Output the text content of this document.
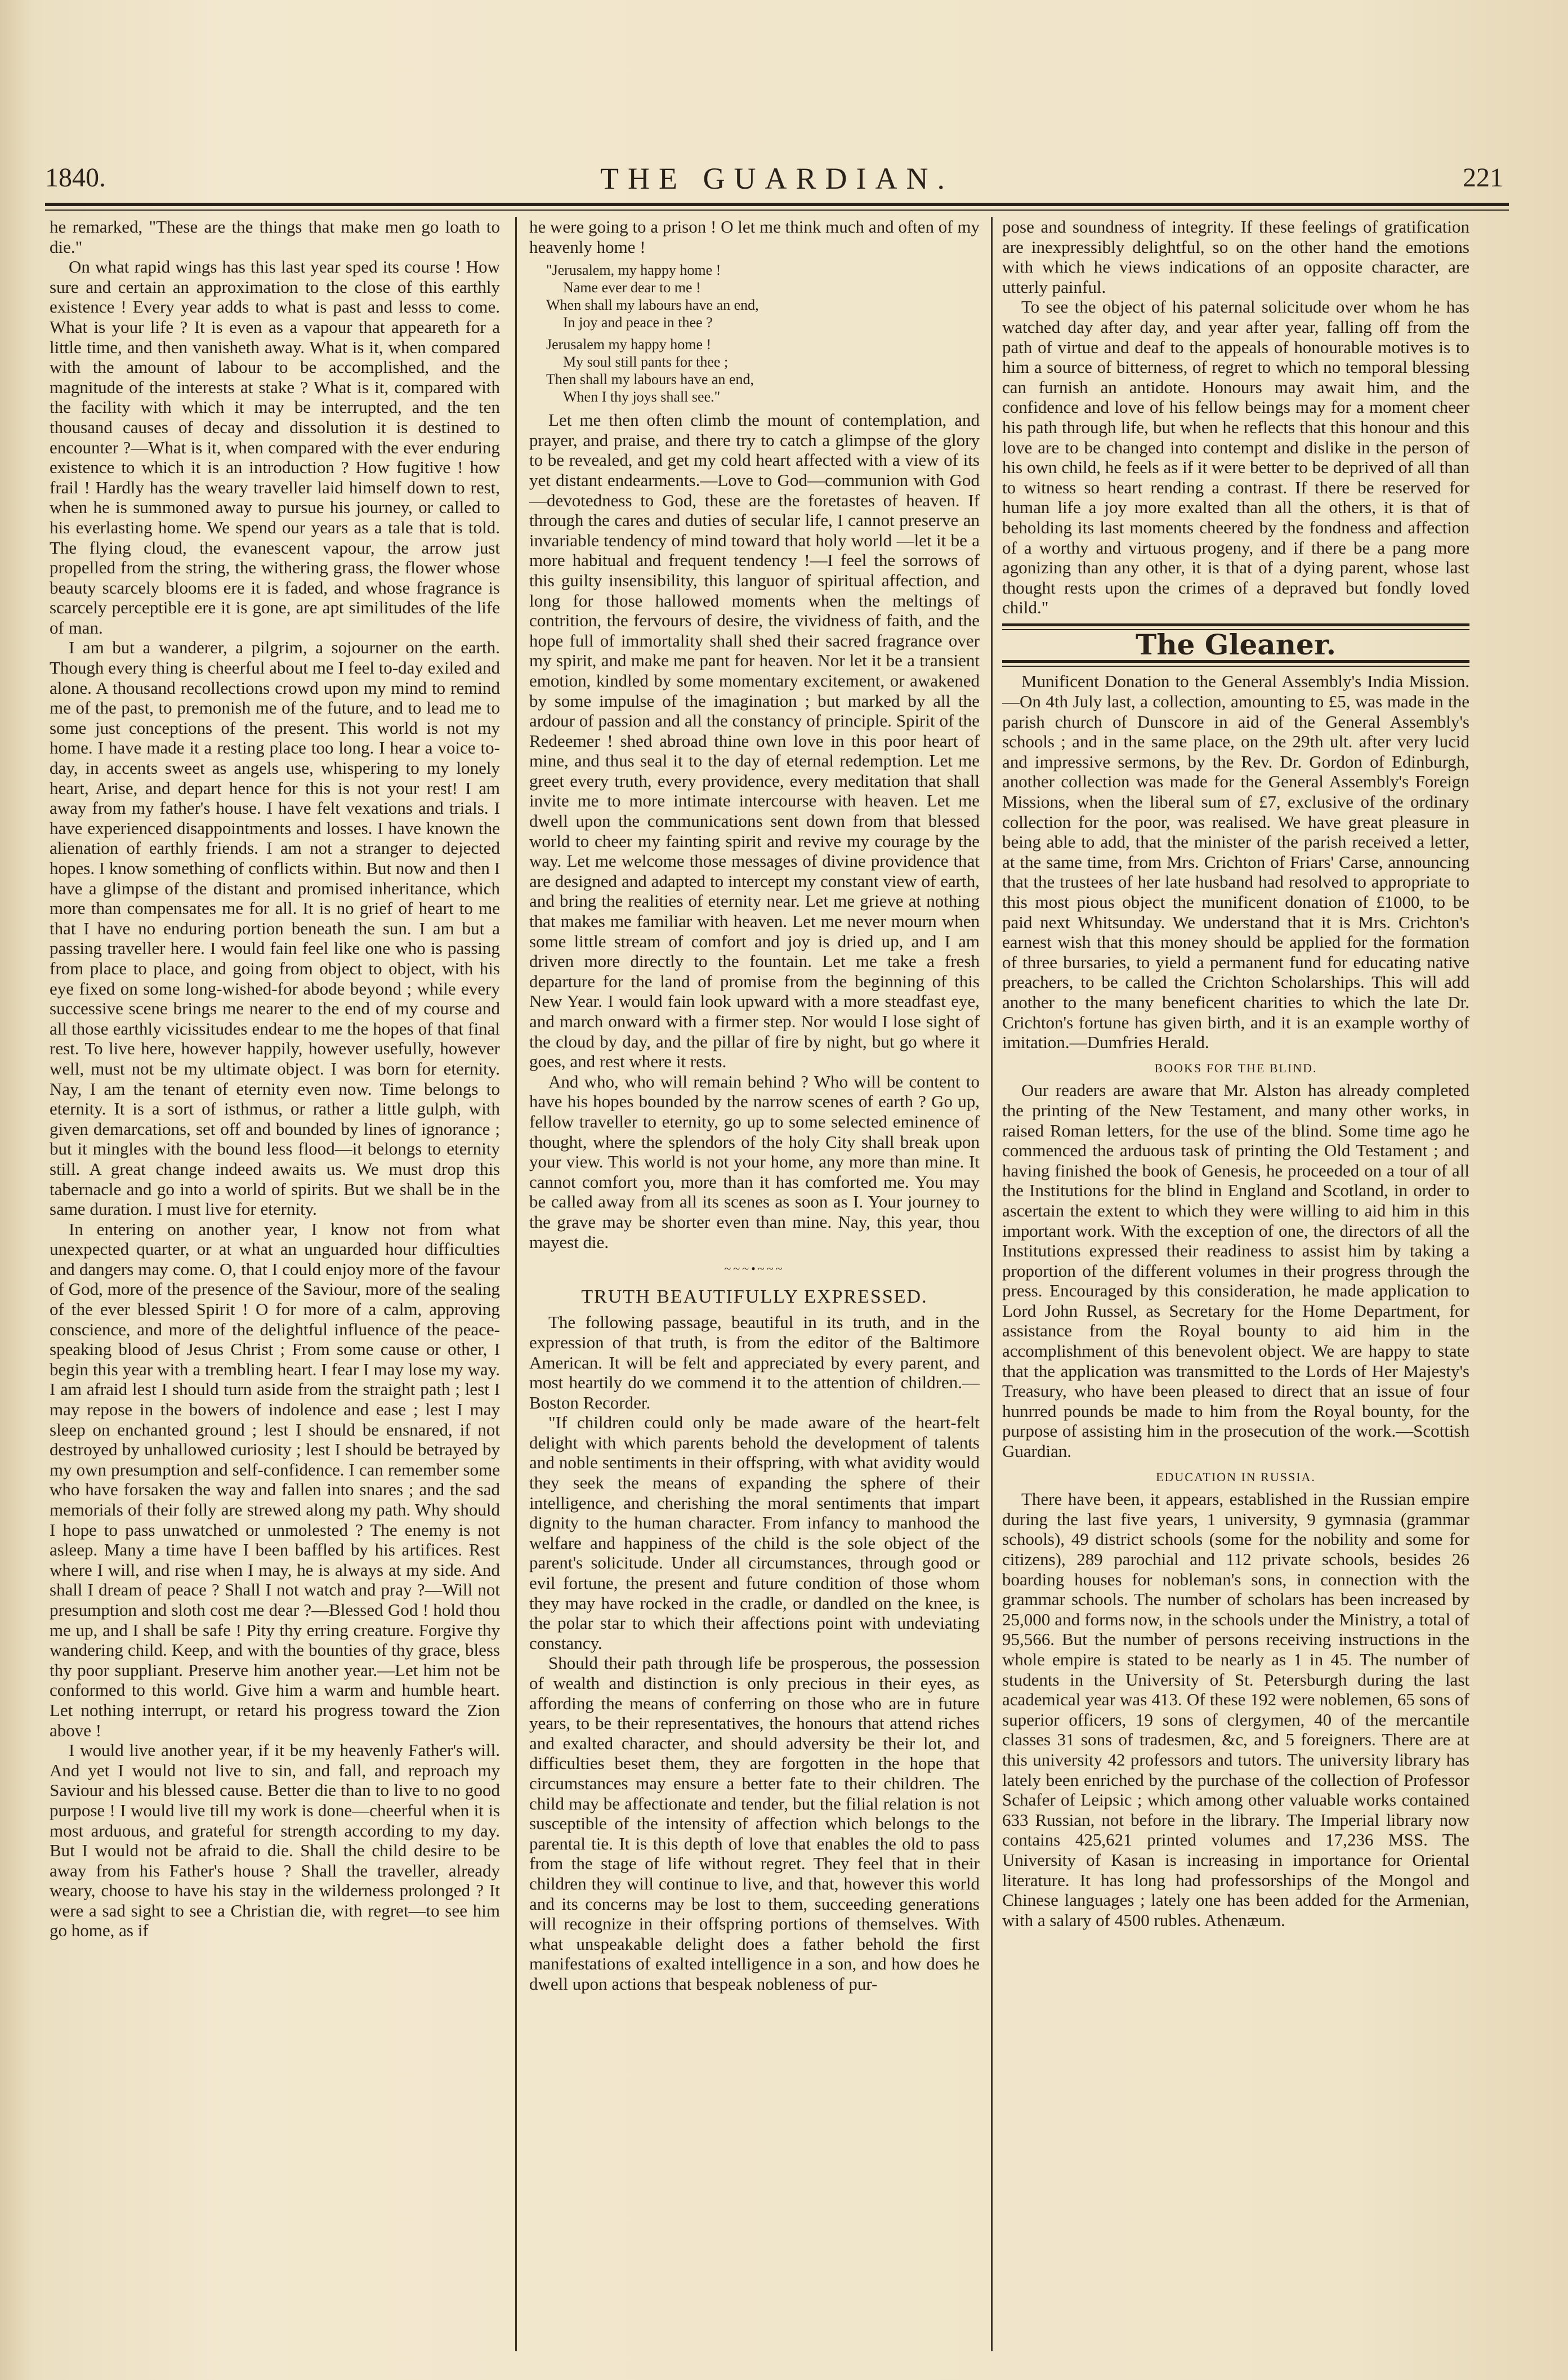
1840.	THE GUARDIAN.	221

he remarked, "These are the things that make men go loath to die."

On what rapid wings has this last year sped its course ! How sure and certain an approximation to the close of this earthly existence ! Every year adds to what is past and lesss to come. What is your life ? It is even as a vapour that appeareth for a little time, and then vanisheth away. What is it, when compared with the amount of labour to be accomplished, and the magnitude of the interests at stake ? What is it, compared with the facility with which it may be interrupted, and the ten thousand causes of decay and dissolution it is destined to encounter ?—What is it, when compared with the ever enduring existence to which it is an introduction ? How fugitive ! how frail ! Hardly has the weary traveller laid himself down to rest, when he is summoned away to pursue his journey, or called to his everlasting home. We spend our years as a tale that is told. The flying cloud, the evanescent vapour, the arrow just propelled from the string, the withering grass, the flower whose beauty scarcely blooms ere it is faded, and whose fragrance is scarcely perceptible ere it is gone, are apt similitudes of the life of man.

I am but a wanderer, a pilgrim, a sojourner on the earth. Though every thing is cheerful about me I feel to-day exiled and alone. A thousand recollections crowd upon my mind to remind me of the past, to premonish me of the future, and to lead me to some just conceptions of the present. This world is not my home. I have made it a resting place too long. I hear a voice to-day, in accents sweet as angels use, whispering to my lonely heart, Arise, and depart hence for this is not your rest! I am away from my father's house. I have felt vexations and trials. I have experienced disappointments and losses. I have known the alienation of earthly friends. I am not a stranger to dejected hopes. I know something of conflicts within. But now and then I have a glimpse of the distant and promised inheritance, which more than compensates me for all. It is no grief of heart to me that I have no enduring portion beneath the sun. I am but a passing traveller here. I would fain feel like one who is passing from place to place, and going from object to object, with his eye fixed on some long-wished-for abode beyond ; while every successive scene brings me nearer to the end of my course and all those earthly vicissitudes endear to me the hopes of that final rest. To live here, however happily, however usefully, however well, must not be my ultimate object. I was born for eternity. Nay, I am the tenant of eternity even now. Time belongs to eternity. It is a sort of isthmus, or rather a little gulph, with given demarcations, set off and bounded by lines of ignorance ; but it mingles with the bound less flood—it belongs to eternity still. A great change indeed awaits us. We must drop this tabernacle and go into a world of spirits. But we shall be in the same duration. I must live for eternity.

In entering on another year, I know not from what unexpected quarter, or at what an unguarded hour difficulties and dangers may come. O, that I could enjoy more of the favour of God, more of the presence of the Saviour, more of the sealing of the ever blessed Spirit ! O for more of a calm, approving conscience, and more of the delightful influence of the peace-speaking blood of Jesus Christ ; From some cause or other, I begin this year with a trembling heart. I fear I may lose my way. I am afraid lest I should turn aside from the straight path ; lest I may repose in the bowers of indolence and ease ; lest I may sleep on enchanted ground ; lest I should be ensnared, if not destroyed by unhallowed curiosity ; lest I should be betrayed by my own presumption and self-confidence. I can remember some who have forsaken the way and fallen into snares ; and the sad memorials of their folly are strewed along my path. Why should I hope to pass unwatched or unmolested ? The enemy is not asleep. Many a time have I been baffled by his artifices. Rest where I will, and rise when I may, he is always at my side. And shall I dream of peace ? Shall I not watch and pray ?—Will not presumption and sloth cost me dear ?—Blessed God ! hold thou me up, and I shall be safe ! Pity thy erring creature. Forgive thy wandering child. Keep, and with the bounties of thy grace, bless thy poor suppliant. Preserve him another year.—Let him not be conformed to this world. Give him a warm and humble heart. Let nothing interrupt, or retard his progress toward the Zion above !

I would live another year, if it be my heavenly Father's will. And yet I would not live to sin, and fall, and reproach my Saviour and his blessed cause. Better die than to live to no good purpose ! I would live till my work is done—cheerful when it is most arduous, and grateful for strength according to my day. But I would not be afraid to die. Shall the child desire to be away from his Father's house ? Shall the traveller, already weary, choose to have his stay in the wilderness prolonged ? It were a sad sight to see a Christian die, with regret—to see him go home, as if

he were going to a prison ! O let me think much and often of my heavenly home !

"Jerusalem, my happy home !
Name ever dear to me !
When shall my labours have an end,
In joy and peace in thee ?
Jerusalem my happy home !
My soul still pants for thee ;
Then shall my labours have an end,
When I thy joys shall see."

Let me then often climb the mount of contemplation, and prayer, and praise, and there try to catch a glimpse of the glory to be revealed, and get my cold heart affected with a view of its yet distant endearments.—Love to God—communion with God—devotedness to God, these are the foretastes of heaven. If through the cares and duties of secular life, I cannot preserve an invariable tendency of mind toward that holy world —let it be a more habitual and frequent tendency !—I feel the sorrows of this guilty insensibility, this languor of spiritual affection, and long for those hallowed moments when the meltings of contrition, the fervours of desire, the vividness of faith, and the hope full of immortality shall shed their sacred fragrance over my spirit, and make me pant for heaven. Nor let it be a transient emotion, kindled by some momentary excitement, or awakened by some impulse of the imagination ; but marked by all the ardour of passion and all the constancy of principle. Spirit of the Redeemer ! shed abroad thine own love in this poor heart of mine, and thus seal it to the day of eternal redemption. Let me greet every truth, every providence, every meditation that shall invite me to more intimate intercourse with heaven. Let me dwell upon the communications sent down from that blessed world to cheer my fainting spirit and revive my courage by the way. Let me welcome those messages of divine providence that are designed and adapted to intercept my constant view of earth, and bring the realities of eternity near. Let me grieve at nothing that makes me familiar with heaven. Let me never mourn when some little stream of comfort and joy is dried up, and I am driven more directly to the fountain. Let me take a fresh departure for the land of promise from the beginning of this New Year. I would fain look upward with a more steadfast eye, and march onward with a firmer step. Nor would I lose sight of the cloud by day, and the pillar of fire by night, but go where it goes, and rest where it rests.

And who, who will remain behind ? Who will be content to have his hopes bounded by the narrow scenes of earth ? Go up, fellow traveller to eternity, go up to some selected eminence of thought, where the splendors of the holy City shall break upon your view. This world is not your home, any more than mine. It cannot comfort you, more than it has comforted me. You may be called away from all its scenes as soon as I. Your journey to the grave may be shorter even than mine. Nay, this year, thou mayest die.

~~~•~~~
TRUTH BEAUTIFULLY EXPRESSED.

The following passage, beautiful in its truth, and in the expression of that truth, is from the editor of the Baltimore American. It will be felt and appreciated by every parent, and most heartily do we commend it to the attention of children.—Boston Recorder.

"If children could only be made aware of the heart-felt delight with which parents behold the development of talents and noble sentiments in their offspring, with what avidity would they seek the means of expanding the sphere of their intelligence, and cherishing the moral sentiments that impart dignity to the human character. From infancy to manhood the welfare and happiness of the child is the sole object of the parent's solicitude. Under all circumstances, through good or evil fortune, the present and future condition of those whom they may have rocked in the cradle, or dandled on the knee, is the polar star to which their affections point with undeviating constancy.

Should their path through life be prosperous, the possession of wealth and distinction is only precious in their eyes, as affording the means of conferring on those who are in future years, to be their representatives, the honours that attend riches and exalted character, and should adversity be their lot, and difficulties beset them, they are forgotten in the hope that circumstances may ensure a better fate to their children. The child may be affectionate and tender, but the filial relation is not susceptible of the intensity of affection which belongs to the parental tie. It is this depth of love that enables the old to pass from the stage of life without regret. They feel that in their children they will continue to live, and that, however this world and its concerns may be lost to them, succeeding generations will recognize in their offspring portions of themselves. With what unspeakable delight does a father behold the first manifestations of exalted intelligence in a son, and how does he dwell upon actions that bespeak nobleness of pur-

pose and soundness of integrity. If these feelings of gratification are inexpressibly delightful, so on the other hand the emotions with which he views indications of an opposite character, are utterly painful.

To see the object of his paternal solicitude over whom he has watched day after day, and year after year, falling off from the path of virtue and deaf to the appeals of honourable motives is to him a source of bitterness, of regret to which no temporal blessing can furnish an antidote. Honours may await him, and the confidence and love of his fellow beings may for a moment cheer his path through life, but when he reflects that this honour and this love are to be changed into contempt and dislike in the person of his own child, he feels as if it were better to be deprived of all than to witness so heart rending a contrast. If there be reserved for human life a joy more exalted than all the others, it is that of beholding its last moments cheered by the fondness and affection of a worthy and virtuous progeny, and if there be a pang more agonizing than any other, it is that of a dying parent, whose last thought rests upon the crimes of a depraved but fondly loved child."

The Gleaner.

Munificent Donation to the General Assembly's India Mission.—On 4th July last, a collection, amounting to £5, was made in the parish church of Dunscore in aid of the General Assembly's schools ; and in the same place, on the 29th ult. after very lucid and impressive sermons, by the Rev. Dr. Gordon of Edinburgh, another collection was made for the General Assembly's Foreign Missions, when the liberal sum of £7, exclusive of the ordinary collection for the poor, was realised. We have great pleasure in being able to add, that the minister of the parish received a letter, at the same time, from Mrs. Crichton of Friars' Carse, announcing that the trustees of her late husband had resolved to appropriate to this most pious object the munificent donation of £1000, to be paid next Whitsunday. We understand that it is Mrs. Crichton's earnest wish that this money should be applied for the formation of three bursaries, to yield a permanent fund for educating native preachers, to be called the Crichton Scholarships. This will add another to the many beneficent charities to which the late Dr. Crichton's fortune has given birth, and it is an example worthy of imitation.—Dumfries Herald.

BOOKS FOR THE BLIND.

Our readers are aware that Mr. Alston has already completed the printing of the New Testament, and many other works, in raised Roman letters, for the use of the blind. Some time ago he commenced the arduous task of printing the Old Testament ; and having finished the book of Genesis, he proceeded on a tour of all the Institutions for the blind in England and Scotland, in order to ascertain the extent to which they were willing to aid him in this important work. With the exception of one, the directors of all the Institutions expressed their readiness to assist him by taking a proportion of the different volumes in their progress through the press. Encouraged by this consideration, he made application to Lord John Russel, as Secretary for the Home Department, for assistance from the Royal bounty to aid him in the accomplishment of this benevolent object. We are happy to state that the application was transmitted to the Lords of Her Majesty's Treasury, who have been pleased to direct that an issue of four hunrred pounds be made to him from the Royal bounty, for the purpose of assisting him in the prosecution of the work.—Scottish Guardian.

EDUCATION IN RUSSIA.

There have been, it appears, established in the Russian empire during the last five years, 1 university, 9 gymnasia (grammar schools), 49 district schools (some for the nobility and some for citizens), 289 parochial and 112 private schools, besides 26 boarding houses for nobleman's sons, in connection with the grammar schools. The number of scholars has been increased by 25,000 and forms now, in the schools under the Ministry, a total of 95,566. But the number of persons receiving instructions in the whole empire is stated to be nearly as 1 in 45. The number of students in the University of St. Petersburgh during the last academical year was 413. Of these 192 were noblemen, 65 sons of superior officers, 19 sons of clergymen, 40 of the mercantile classes 31 sons of tradesmen, &c, and 5 foreigners. There are at this university 42 professors and tutors. The university library has lately been enriched by the purchase of the collection of Professor Schafer of Leipsic ; which among other valuable works contained 633 Russian, not before in the library. The Imperial library now contains 425,621 printed volumes and 17,236 MSS. The University of Kasan is increasing in importance for Oriental literature. It has long had professorships of the Mongol and Chinese languages ; lately one has been added for the Armenian, with a salary of 4500 rubles. Athenæum.
